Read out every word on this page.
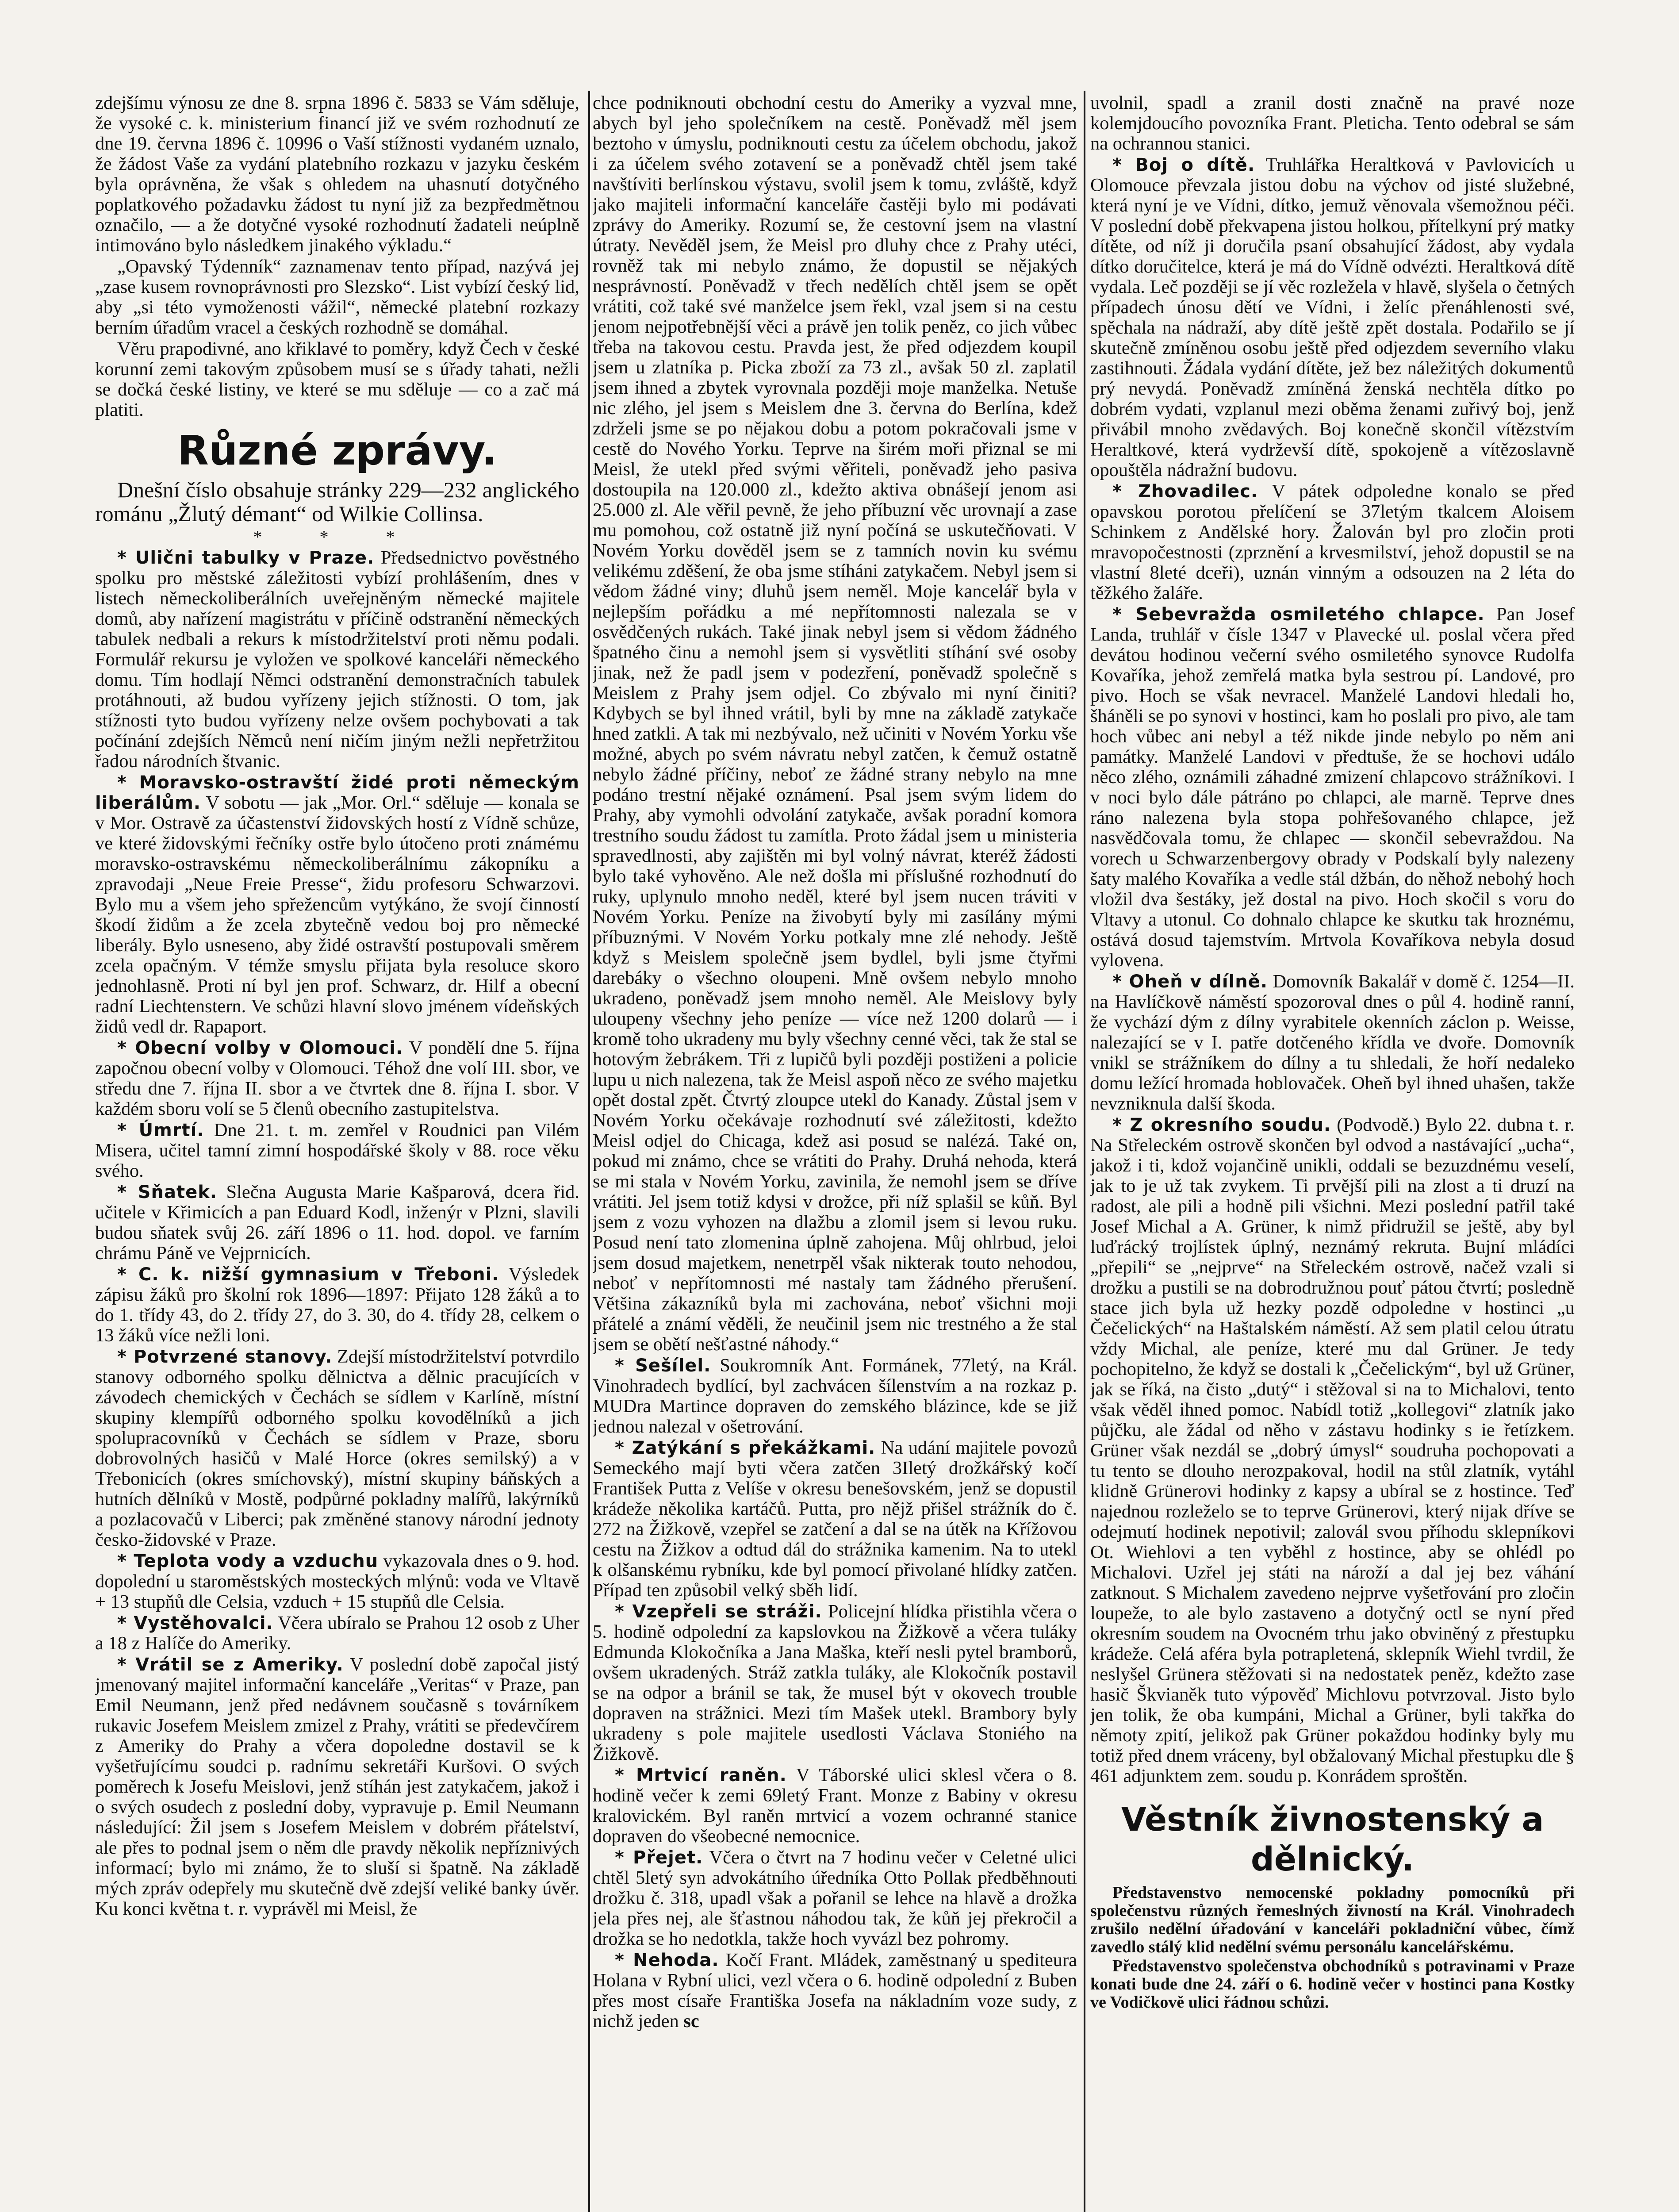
zdejšímu výnosu ze dne 8. srpna 1896 č. 5833 se Vám sděluje, že vysoké c. k. ministerium financí již ve svém rozhodnutí ze dne 19. června 1896 č. 10996 o Vaší stížnosti vydaném uznalo, že žádost Vaše za vydání platebního rozkazu v jazyku českém byla oprávněna, že však s ohledem na uhasnutí dotyčného poplatkového požadavku žádost tu nyní již za bezpředmětnou označilo, — a že dotyčné vysoké rozhodnutí žadateli neúplně intimováno bylo následkem jinakého výkladu.“

„Opavský Týdenník“ zaznamenav tento případ, nazývá jej „zase kusem rovnoprávnosti pro Slezsko“. List vybízí český lid, aby „si této vymoženosti vážil“, německé platební rozkazy berním úřadům vracel a českých rozhodně se domáhal.

Věru prapodivné, ano křiklavé to poměry, když Čech v české korunní zemi takovým způsobem musí se s úřady tahati, nežli se dočká české listiny, ve které se mu sděluje — co a zač má platiti.

Různé zprávy.

Dnešní číslo obsahuje stránky 229—232 anglického románu „Žlutý démant“ od Wilkie Collinsa.

* * *

* Ulični tabulky v Praze. Předsednictvo pověstného spolku pro městské záležitosti vybízí prohlášením, dnes v listech německoliberálních uveřejněným německé majitele domů, aby nařízení magistrátu v příčině odstranění německých tabulek nedbali a rekurs k místodržitelství proti němu podali. Formulář rekursu je vyložen ve spolkové kanceláři německého domu. Tím hodlají Němci odstranění demonstračních tabulek protáhnouti, až budou vyřízeny jejich stížnosti. O tom, jak stížnosti tyto budou vyřízeny nelze ovšem pochybovati a tak počínání zdejších Němců není ničím jiným nežli nepřetržitou řadou národních štvanic.

* Moravsko-ostravští židé proti německým liberálům. V sobotu — jak „Mor. Orl.“ sděluje — konala se v Mor. Ostravě za účastenství židovských hostí z Vídně schůze, ve které židovskými řečníky ostře bylo útočeno proti známému moravsko-ostravskému německoliberálnímu zákopníku a zpravodaji „Neue Freie Presse“, židu profesoru Schwarzovi. Bylo mu a všem jeho spřežencům vytýkáno, že svojí činností škodí židům a že zcela zbytečně vedou boj pro německé liberály. Bylo usneseno, aby židé ostravští postupovali směrem zcela opačným. V témže smyslu přijata byla resoluce skoro jednohlasně. Proti ní byl jen prof. Schwarz, dr. Hilf a obecní radní Liechtenstern. Ve schůzi hlavní slovo jménem vídeňských židů vedl dr. Rapaport.

* Obecní volby v Olomouci. V pondělí dne 5. října započnou obecní volby v Olomouci. Téhož dne volí III. sbor, ve středu dne 7. října II. sbor a ve čtvrtek dne 8. října I. sbor. V každém sboru volí se 5 členů obecního zastupitelstva.

* Úmrtí. Dne 21. t. m. zemřel v Roudnici pan Vilém Misera, učitel tamní zimní hospodářské školy v 88. roce věku svého.

* Sňatek. Slečna Augusta Marie Kašparová, dcera řid. učitele v Křimicích a pan Eduard Kodl, inženýr v Plzni, slavili budou sňatek svůj 26. září 1896 o 11. hod. dopol. ve farním chrámu Páně ve Vejprnicích.

* C. k. nižší gymnasium v Třeboni. Výsledek zápisu žáků pro školní rok 1896—1897: Přijato 128 žáků a to do 1. třídy 43, do 2. třídy 27, do 3. 30, do 4. třídy 28, celkem o 13 žáků více nežli loni.

* Potvrzené stanovy. Zdejší místodržitelství potvrdilo stanovy odborného spolku dělnictva a dělnic pracujících v závodech chemických v Čechách se sídlem v Karlíně, místní skupiny klempířů odborného spolku kovodělníků a jich spolupracovníků v Čechách se sídlem v Praze, sboru dobrovolných hasičů v Malé Horce (okres semilský) a v Třebonicích (okres smíchovský), místní skupiny báňských a hutních dělníků v Mostě, podpůrné pokladny malířů, lakýrníků a pozlacovačů v Liberci; pak změněné stanovy národní jednoty česko-židovské v Praze.

* Teplota vody a vzduchu vykazovala dnes o 9. hod. dopolední u staroměstských mosteckých mlýnů: voda ve Vltavě + 13 stupňů dle Celsia, vzduch + 15 stupňů dle Celsia.

* Vystěhovalci. Včera ubíralo se Prahou 12 osob z Uher a 18 z Halíče do Ameriky.

* Vrátil se z Ameriky. V poslední době započal jistý jmenovaný majitel informační kanceláře „Veritas“ v Praze, pan Emil Neumann, jenž před nedávnem současně s továrníkem rukavic Josefem Meislem zmizel z Prahy, vrátiti se předevčírem z Ameriky do Prahy a včera dopoledne dostavil se k vyšetřujícímu soudci p. radnímu sekretáři Kuršovi. O svých poměrech k Josefu Meislovi, jenž stíhán jest zatykačem, jakož i o svých osudech z poslední doby, vypravuje p. Emil Neumann následující: Žil jsem s Josefem Meislem v dobrém přátelství, ale přes to podnal jsem o něm dle pravdy několik nepříznivých informací; bylo mi známo, že to sluší si špatně. Na základě mých zpráv odepřely mu skutečně dvě zdejší veliké banky úvěr. Ku konci května t. r. vyprávěl mi Meisl, že

chce podniknouti obchodní cestu do Ameriky a vyzval mne, abych byl jeho společníkem na cestě. Poněvadž měl jsem beztoho v úmyslu, podniknouti cestu za účelem obchodu, jakož i za účelem svého zotavení se a poněvadž chtěl jsem také navštíviti berlínskou výstavu, svolil jsem k tomu, zvláště, když jako majiteli informační kanceláře častěji bylo mi podávati zprávy do Ameriky. Rozumí se, že cestovní jsem na vlastní útraty. Nevěděl jsem, že Meisl pro dluhy chce z Prahy utéci, rovněž tak mi nebylo známo, že dopustil se nějakých nesprávností. Poněvadž v třech nedělích chtěl jsem se opět vrátiti, což také své manželce jsem řekl, vzal jsem si na cestu jenom nejpotřebnější věci a právě jen tolik peněz, co jich vůbec třeba na takovou cestu. Pravda jest, že před odjezdem koupil jsem u zlatníka p. Picka zboží za 73 zl., avšak 50 zl. zaplatil jsem ihned a zbytek vyrovnala později moje manželka. Netuše nic zlého, jel jsem s Meislem dne 3. června do Berlína, kdež zdrželi jsme se po nějakou dobu a potom pokračovali jsme v cestě do Nového Yorku. Teprve na širém moři přiznal se mi Meisl, že utekl před svými věřiteli, poněvadž jeho pasiva dostoupila na 120.000 zl., kdežto aktiva obnášejí jenom asi 25.000 zl. Ale věřil pevně, že jeho příbuzní věc urovnají a zase mu pomohou, což ostatně již nyní počíná se uskutečňovati. V Novém Yorku dověděl jsem se z tamních novin ku svému velikému zděšení, že oba jsme stíháni zatykačem. Nebyl jsem si vědom žádné viny; dluhů jsem neměl. Moje kancelář byla v nejlepším pořádku a mé nepřítomnosti nalezala se v osvědčených rukách. Také jinak nebyl jsem si vědom žádného špatného činu a nemohl jsem si vysvětliti stíhání své osoby jinak, než že padl jsem v podezření, poněvadž společně s Meislem z Prahy jsem odjel. Co zbývalo mi nyní činiti? Kdybych se byl ihned vrátil, byli by mne na základě zatykače hned zatkli. A tak mi nezbývalo, než učiniti v Novém Yorku vše možné, abych po svém návratu nebyl zatčen, k čemuž ostatně nebylo žádné příčiny, neboť ze žádné strany nebylo na mne podáno trestní nějaké oznámení. Psal jsem svým lidem do Prahy, aby vymohli odvolání zatykače, avšak poradní komora trestního soudu žádost tu zamítla. Proto žádal jsem u ministeria spravedlnosti, aby zajištěn mi byl volný návrat, kteréž žádosti bylo také vyhověno. Ale než došla mi příslušné rozhodnutí do ruky, uplynulo mnoho neděl, které byl jsem nucen tráviti v Novém Yorku. Peníze na živobytí byly mi zasílány mými příbuznými. V Novém Yorku potkaly mne zlé nehody. Ještě když s Meislem společně jsem bydlel, byli jsme čtyřmi darebáky o všechno oloupeni. Mně ovšem nebylo mnoho ukradeno, poněvadž jsem mnoho neměl. Ale Meislovy byly uloupeny všechny jeho peníze — více než 1200 dolarů — i kromě toho ukradeny mu byly všechny cenné věci, tak že stal se hotovým žebrákem. Tři z lupičů byli později postiženi a policie lupu u nich nalezena, tak že Meisl aspoň něco ze svého majetku opět dostal zpět. Čtvrtý zloupce utekl do Kanady. Zůstal jsem v Novém Yorku očekávaje rozhodnutí své záležitosti, kdežto Meisl odjel do Chicaga, kdež asi posud se nalézá. Také on, pokud mi známo, chce se vrátiti do Prahy. Druhá nehoda, která se mi stala v Novém Yorku, zavinila, že nemohl jsem se dříve vrátiti. Jel jsem totiž kdysi v drožce, při níž splašil se kůň. Byl jsem z vozu vyhozen na dlažbu a zlomil jsem si levou ruku. Posud není tato zlomenina úplně zahojena. Můj ohlrbud, jeloi jsem dosud majetkem, nenetrpěl však nikterak touto nehodou, neboť v nepřítomnosti mé nastaly tam žádného přerušení. Většina zákazníků byla mi zachována, neboť všichni moji přátelé a známí věděli, že neučinil jsem nic trestného a že stal jsem se obětí nešťastné náhody.“

* Sešílel. Soukromník Ant. Formánek, 77letý, na Král. Vinohradech bydlící, byl zachvácen šílenstvím a na rozkaz p. MUDra Martince dopraven do zemského blázince, kde se již jednou nalezal v ošetrování.

* Zatýkání s překážkami. Na udání majitele povozů Semeckého mají byti včera zatčen 3Iletý drožkářský kočí František Putta z Velíše v okresu benešovském, jenž se dopustil krádeže několika kartáčů. Putta, pro nějž přišel strážník do č. 272 na Žižkově, vzepřel se zatčení a dal se na útěk na Křížovou cestu na Žižkov a odtud dál do strážnika kamenim. Na to utekl k olšanskému rybníku, kde byl pomocí přivolané hlídky zatčen. Případ ten způsobil velký sběh lidí.

* Vzepřeli se stráži. Policejní hlídka přistihla včera o 5. hodině odpolední za kapslovkou na Žižkově a včera tuláky Edmunda Klokočníka a Jana Maška, kteří nesli pytel bramborů, ovšem ukradených. Stráž zatkla tuláky, ale Klokočník postavil se na odpor a bránil se tak, že musel být v okovech trouble dopraven na strážnici. Mezi tím Mašek utekl. Brambory byly ukradeny s pole majitele usedlosti Václava Stoniého na Žižkově.

* Mrtvicí raněn. V Táborské ulici sklesl včera o 8. hodině večer k zemi 69letý Frant. Monze z Babiny v okresu kralovickém. Byl raněn mrtvicí a vozem ochranné stanice dopraven do všeobecné nemocnice.

* Přejet. Včera o čtvrt na 7 hodinu večer v Celetné ulici chtěl 5letý syn advokátního úředníka Otto Pollak předběhnouti drožku č. 318, upadl však a pořanil se lehce na hlavě a drožka jela přes nej, ale šťastnou náhodou tak, že kůň jej překročil a drožka se ho nedotkla, takže hoch vyvázl bez pohromy.

* Nehoda. Kočí Frant. Mládek, zaměstnaný u spediteura Holana v Rybní ulici, vezl včera o 6. hodině odpolední z Buben přes most císaře Františka Josefa na nákladním voze sudy, z nichž jeden sc

uvolnil, spadl a zranil dosti značně na pravé noze kolemjdoucího povozníka Frant. Pleticha. Tento odebral se sám na ochrannou stanici.

* Boj o dítě. Truhlářka Heraltková v Pavlovicích u Olomouce převzala jistou dobu na výchov od jisté služebné, která nyní je ve Vídni, dítko, jemuž věnovala všemožnou péči. V poslední době překvapena jistou holkou, přítelkyní prý matky dítěte, od níž ji doručila psaní obsahující žádost, aby vydala dítko doručitelce, která je má do Vídně odvézti. Heraltková dítě vydala. Leč později se jí věc rozležela v hlavě, slyšela o četných případech únosu dětí ve Vídni, i želíc přenáhlenosti své, spěchala na nádraží, aby dítě ještě zpět dostala. Podařilo se jí skutečně zmíněnou osobu ještě před odjezdem severního vlaku zastihnouti. Žádala vydání dítěte, jež bez náležitých dokumentů prý nevydá. Poněvadž zmíněná ženská nechtěla dítko po dobrém vydati, vzplanul mezi oběma ženami zuřivý boj, jenž přivábil mnoho zvědavých. Boj konečně skončil vítězstvím Heraltkové, která vydrževší dítě, spokojeně a vítězoslavně opouštěla nádražní budovu.

* Zhovadilec. V pátek odpoledne konalo se před opavskou porotou přelíčení se 37letým tkalcem Aloisem Schinkem z Andělské hory. Žalován byl pro zločin proti mravopočestnosti (zprznění a krvesmilství, jehož dopustil se na vlastní 8leté dceři), uznán vinným a odsouzen na 2 léta do těžkého žaláře.

* Sebevražda osmiletého chlapce. Pan Josef Landa, truhlář v čísle 1347 v Plavecké ul. poslal včera před devátou hodinou večerní svého osmiletého synovce Rudolfa Kovaříka, jehož zemřelá matka byla sestrou pí. Landové, pro pivo. Hoch se však nevracel. Manželé Landovi hledali ho, šháněli se po synovi v hostinci, kam ho poslali pro pivo, ale tam hoch vůbec ani nebyl a též nikde jinde nebylo po něm ani památky. Manželé Landovi v předtuše, že se hochovi událo něco zlého, oznámili záhadné zmizení chlapcovo strážníkovi. I v noci bylo dále pátráno po chlapci, ale marně. Teprve dnes ráno nalezena byla stopa pohřešovaného chlapce, jež nasvědčovala tomu, že chlapec — skončil sebevraždou. Na vorech u Schwarzenbergovy obrady v Podskalí byly nalezeny šaty malého Kovaříka a vedle stál džbán, do něhož nebohý hoch vložil dva šestáky, jež dostal na pivo. Hoch skočil s voru do Vltavy a utonul. Co dohnalo chlapce ke skutku tak hroznému, ostává dosud tajemstvím. Mrtvola Kovaříkova nebyla dosud vylovena.

* Oheň v dílně. Domovník Bakalář v domě č. 1254—II. na Havlíčkově náměstí spozoroval dnes o půl 4. hodině ranní, že vychází dým z dílny vyrabitele okenních záclon p. Weisse, nalezající se v I. patře dotčeného křídla ve dvoře. Domovník vnikl se strážníkem do dílny a tu shledali, že hoří nedaleko domu ležící hromada hoblovaček. Oheň byl ihned uhašen, takže nevzniknula další škoda.

* Z okresního soudu. (Podvodě.) Bylo 22. dubna t. r. Na Střeleckém ostrově skončen byl odvod a nastávající „ucha“, jakož i ti, kdož vojančině unikli, oddali se bezuzdnému veselí, jak to je už tak zvykem. Ti prvější pili na zlost a ti druzí na radost, ale pili a hodně pili všichni. Mezi poslední patřil také Josef Michal a A. Grüner, k nimž přidružil se ještě, aby byl luďrácký trojlístek úplný, neznámý rekruta. Bujní mládíci „přepili“ se „nejprve“ na Střeleckém ostrově, načež vzali si drožku a pustili se na dobrodružnou pouť pátou čtvrtí; posledně stace jich byla už hezky pozdě odpoledne v hostinci „u Čečelických“ na Haštalském náměstí. Až sem platil celou útratu vždy Michal, ale peníze, které mu dal Grüner. Je tedy pochopitelno, že když se dostali k „Čečelickým“, byl už Grüner, jak se říká, na čisto „dutý“ i stěžoval si na to Michalovi, tento však věděl ihned pomoc. Nabídl totiž „kollegovi“ zlatník jako půjčku, ale žádal od něho v zástavu hodinky s ie řetízkem. Grüner však nezdál se „dobrý úmysl“ soudruha pochopovati a tu tento se dlouho nerozpakoval, hodil na stůl zlatník, vytáhl klidně Grünerovi hodinky z kapsy a ubíral se z hostince. Teď najednou rozleželo se to teprve Grünerovi, který nijak dříve se odejmutí hodinek nepotivil; zalovál svou příhodu sklepníkovi Ot. Wiehlovi a ten vyběhl z hostince, aby se ohlédl po Michalovi. Uzřel jej státi na nároží a dal jej bez váhání zatknout. S Michalem zavedeno nejprve vyšetřování pro zločin loupeže, to ale bylo zastaveno a dotyčný octl se nyní před okresním soudem na Ovocném trhu jako obviněný z přestupku krádeže. Celá aféra byla potrapletená, sklepník Wiehl tvrdil, že neslyšel Grünera stěžovati si na nedostatek peněz, kdežto zase hasič Škvianěk tuto výpověď Michlovu potvrzoval. Jisto bylo jen tolik, že oba kumpáni, Michal a Grüner, byli takřka do němoty zpití, jelikož pak Grüner pokaždou hodinky byly mu totiž před dnem vráceny, byl obžalovaný Michal přestupku dle § 461 adjunktem zem. soudu p. Konrádem sproštěn.

Věstník živnostenský a dělnický.

Představenstvo nemocenské pokladny pomocníků při společenstvu různých řemeslných živností na Král. Vinohradech zrušilo nedělní úřadování v kanceláři pokladniční vůbec, čímž zavedlo stálý klid nedělní svému personálu kancelářskému.

Představenstvo společenstva obchodníků s potravinami v Praze konati bude dne 24. září o 6. hodině večer v hostinci pana Kostky ve Vodičkově ulici řádnou schůzi.
